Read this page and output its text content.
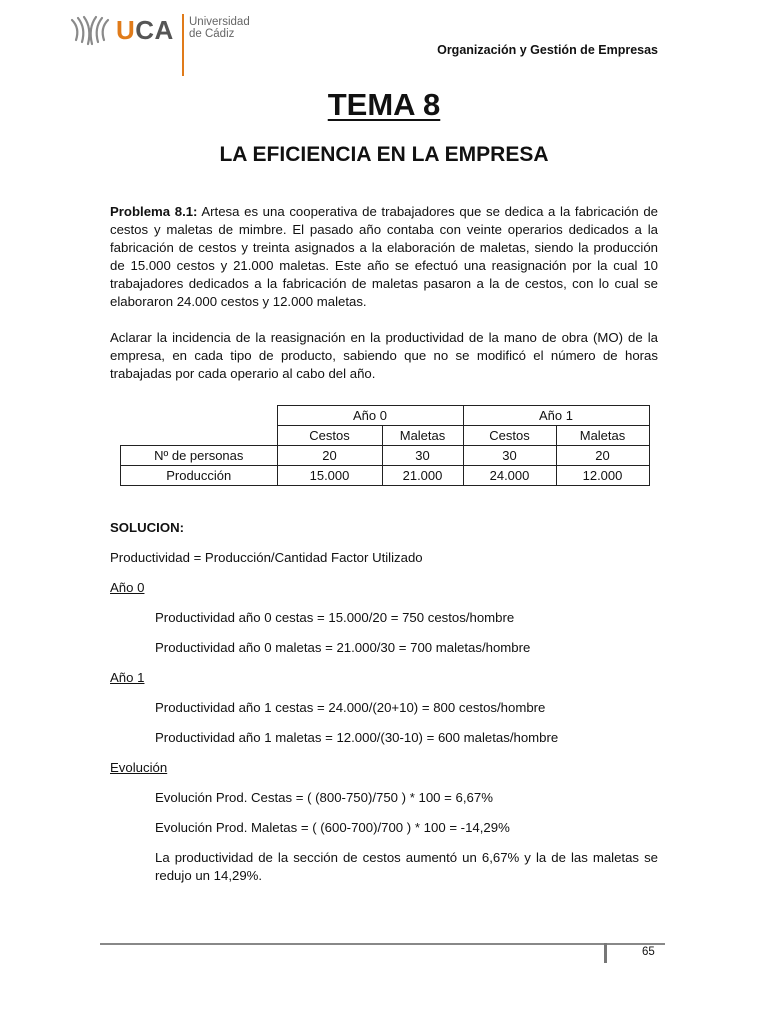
UCA Universidad
de Cádiz
Organización y Gestión de Empresas
TEMA 8
LA EFICIENCIA EN LA EMPRESA
Problema 8.1: Artesa es una cooperativa de trabajadores que se dedica a la fabricación de cestos y maletas de mimbre. El pasado año contaba con veinte operarios dedicados a la fabricación de cestos y treinta asignados a la elaboración de maletas, siendo la producción de 15.000 cestos y 21.000 maletas. Este año se efectuó una reasignación por la cual 10 trabajadores dedicados a la fabricación de maletas pasaron a la de cestos, con lo cual se elaboraron 24.000 cestos y 12.000 maletas.
Aclarar la incidencia de la reasignación en la productividad de la mano de obra (MO) de la empresa, en cada tipo de producto, sabiendo que no se modificó el número de horas trabajadas por cada operario al cabo del año.
	Año 0		Año 1	
	Cestos	Maletas	Cestos	Maletas
Nº de personas	20	30	30	20
Producción	15.000	21.000	24.000	12.000
SOLUCION:
Productividad = Producción/Cantidad Factor Utilizado
Año 0
Productividad año 0 cestas = 15.000/20 = 750 cestos/hombre
Productividad año 0 maletas = 21.000/30 = 700 maletas/hombre
Año 1
Productividad año 1 cestas = 24.000/(20+10) = 800 cestos/hombre
Productividad año 1 maletas = 12.000/(30-10) = 600 maletas/hombre
Evolución
Evolución Prod. Cestas = ( (800-750)/750 ) * 100 = 6,67%
Evolución Prod. Maletas = ( (600-700)/700 ) * 100 = -14,29%
La productividad de la sección de cestos aumentó un 6,67% y la de las maletas se redujo un 14,29%.
65
